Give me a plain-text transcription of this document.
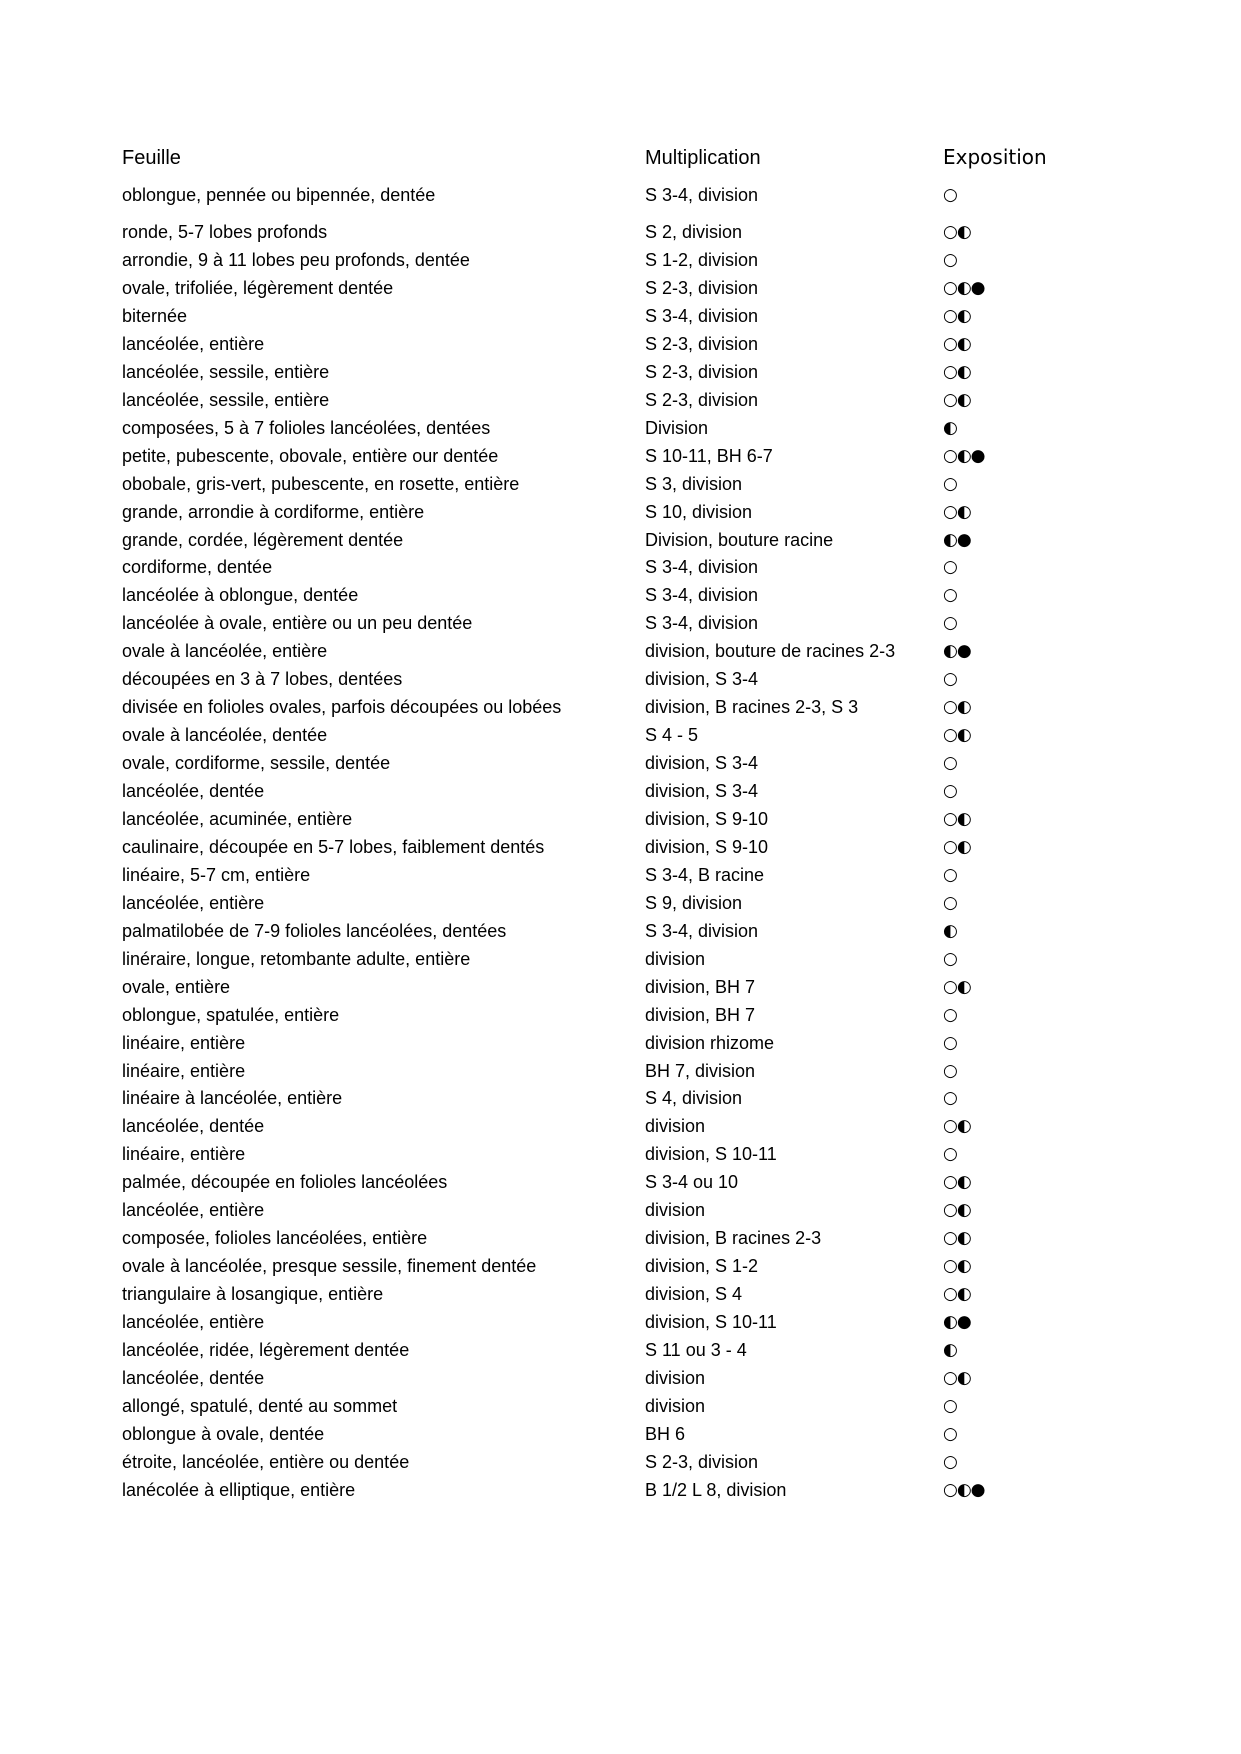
Feuille	Multiplication	Exposition
oblongue, pennée ou bipennée, dentée	S 3-4, division	○
ronde, 5-7 lobes profonds	S 2, division	○◐
arrondie, 9 à 11 lobes peu profonds, dentée	S 1-2, division	○
ovale, trifoliée, légèrement dentée	S 2-3, division	○◐●
biternée	S 3-4, division	○◐
lancéolée, entière	S 2-3, division	○◐
lancéolée, sessile, entière	S 2-3, division	○◐
lancéolée, sessile, entière	S 2-3, division	○◐
composées, 5 à 7 folioles lancéolées, dentées	Division	◐
petite, pubescente, obovale, entière our dentée	S 10-11, BH 6-7	○◐●
obobale, gris-vert, pubescente, en rosette, entière	S 3, division	○
grande, arrondie à cordiforme, entière	S 10, division	○◐
grande, cordée, légèrement dentée	Division, bouture racine	◐●
cordiforme, dentée	S 3-4, division	○
lancéolée à oblongue, dentée	S 3-4, division	○
lancéolée à ovale, entière ou un peu dentée	S 3-4, division	○
ovale à lancéolée, entière	division, bouture de racines 2-3	◐●
découpées en 3 à 7 lobes, dentées	division, S 3-4	○
divisée en folioles ovales, parfois découpées ou lobées	division, B racines 2-3, S 3	○◐
ovale à lancéolée, dentée	S 4 - 5	○◐
ovale, cordiforme, sessile, dentée	division, S 3-4	○
lancéolée, dentée	division, S 3-4	○
lancéolée, acuminée, entière	division, S 9-10	○◐
caulinaire, découpée en 5-7 lobes, faiblement dentés	division, S 9-10	○◐
linéaire, 5-7 cm, entière	S 3-4, B racine	○
lancéolée, entière	S 9, division	○
palmatilobée de 7-9 folioles lancéolées, dentées	S 3-4, division	◐
linéraire, longue, retombante adulte, entière	division	○
ovale, entière	division, BH 7	○◐
oblongue, spatulée, entière	division, BH 7	○
linéaire, entière	division rhizome	○
linéaire, entière	BH 7, division	○
linéaire à lancéolée, entière	S 4, division	○
lancéolée, dentée	division	○◐
linéaire, entière	division, S 10-11	○
palmée, découpée en folioles lancéolées	S 3-4 ou 10	○◐
lancéolée, entière	division	○◐
composée, folioles lancéolées, entière	division, B racines 2-3	○◐
ovale à lancéolée, presque sessile, finement dentée	division, S 1-2	○◐
triangulaire à losangique, entière	division, S 4	○◐
lancéolée, entière	division, S 10-11	◐●
lancéolée, ridée, légèrement dentée	S 11 ou 3 - 4	◐
lancéolée, dentée	division	○◐
allongé, spatulé, denté au sommet	division	○
oblongue à ovale, dentée	BH 6	○
étroite, lancéolée, entière ou dentée	S 2-3, division	○
lanécolée à elliptique, entière	B 1/2 L 8, division	○◐●
